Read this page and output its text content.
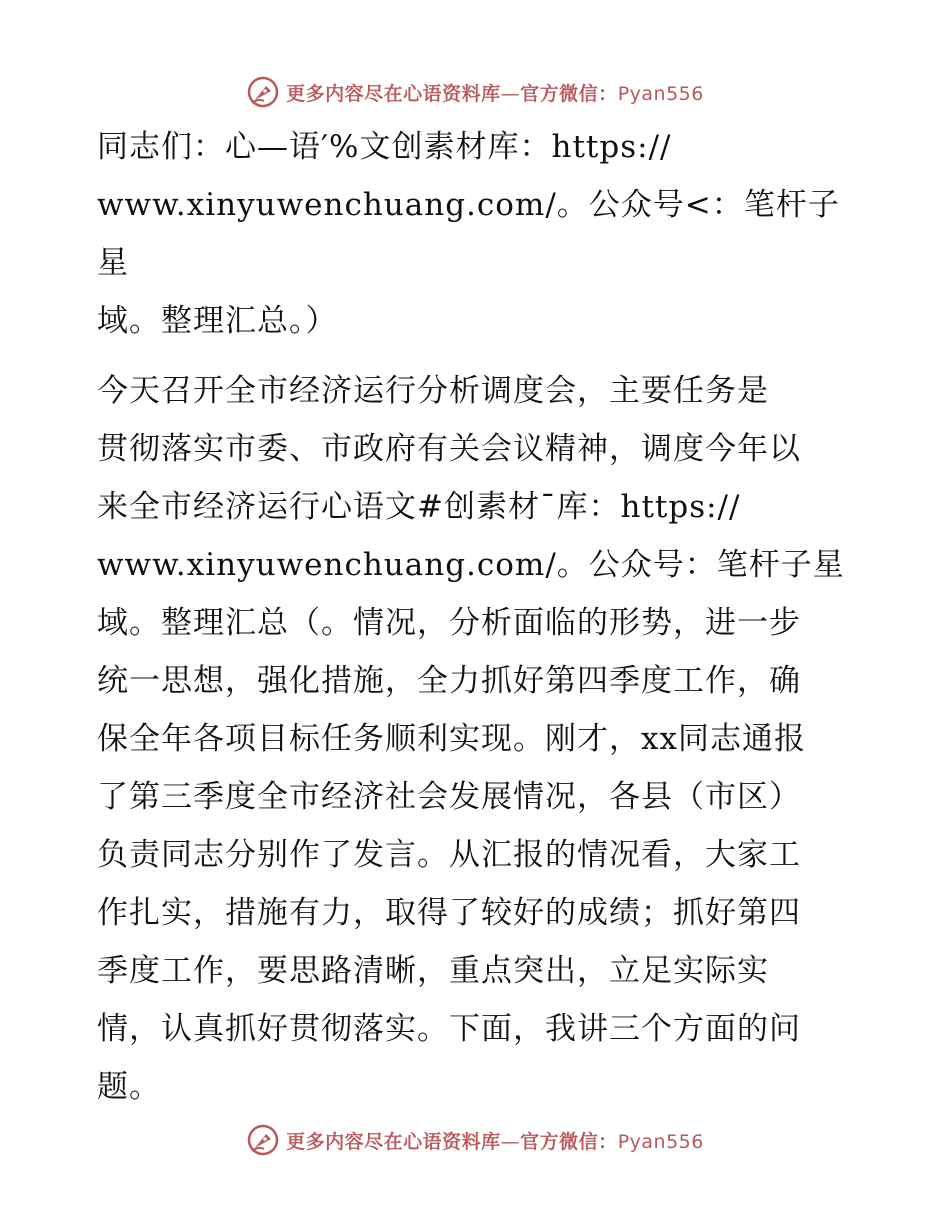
更多内容尽在心语资料库—官方微信：Pyan556

同志们：心—语′%文创素材库：https://
www.xinyuwenchuang.com/。公众号<：笔杆子星
域。整理汇总。）

今天召开全市经济运行分析调度会，主要任务是
贯彻落实市委、市政府有关会议精神，调度今年以
来全市经济运行心语文#创素材¯库：https://
www.xinyuwenchuang.com/。公众号：笔杆子星
域。整理汇总（。情况，分析面临的形势，进一步
统一思想，强化措施，全力抓好第四季度工作，确
保全年各项目标任务顺利实现。刚才，xx同志通报
了第三季度全市经济社会发展情况，各县（市区）
负责同志分别作了发言。从汇报的情况看，大家工
作扎实，措施有力，取得了较好的成绩；抓好第四
季度工作，要思路清晰，重点突出，立足实际实
情，认真抓好贯彻落实。下面，我讲三个方面的问
题。

更多内容尽在心语资料库—官方微信：Pyan556
